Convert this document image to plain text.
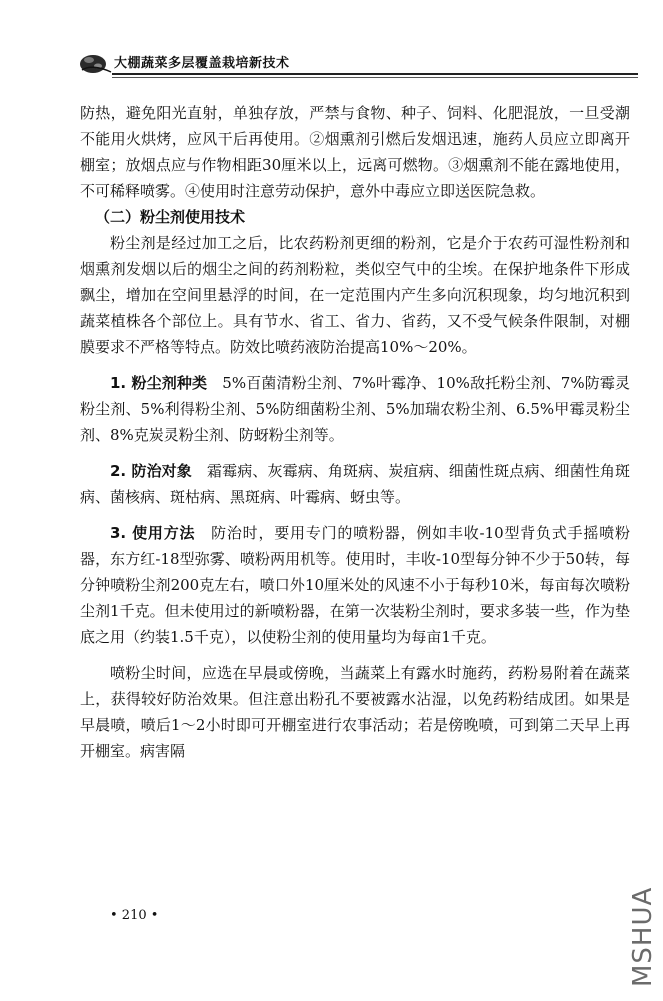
大棚蔬菜多层覆盖栽培新技术

防热，避免阳光直射，单独存放，严禁与食物、种子、饲料、化肥混放，一旦受潮不能用火烘烤，应风干后再使用。②烟熏剂引燃后发烟迅速，施药人员应立即离开棚室；放烟点应与作物相距30厘米以上，远离可燃物。③烟熏剂不能在露地使用，不可稀释喷雾。④使用时注意劳动保护，意外中毒应立即送医院急救。

（二）粉尘剂使用技术

粉尘剂是经过加工之后，比农药粉剂更细的粉剂，它是介于农药可湿性粉剂和烟熏剂发烟以后的烟尘之间的药剂粉粒，类似空气中的尘埃。在保护地条件下形成飘尘，增加在空间里悬浮的时间，在一定范围内产生多向沉积现象，均匀地沉积到蔬菜植株各个部位上。具有节水、省工、省力、省药，又不受气候条件限制，对棚膜要求不严格等特点。防效比喷药液防治提高10%～20%。

1. 粉尘剂种类　 5%百菌清粉尘剂、7%叶霉净、10%敌托粉尘剂、7%防霉灵粉尘剂、5%利得粉尘剂、5%防细菌粉尘剂、5%加瑞农粉尘剂、6.5%甲霉灵粉尘剂、8%克炭灵粉尘剂、防蚜粉尘剂等。

2. 防治对象　 霜霉病、灰霉病、角斑病、炭疽病、细菌性斑点病、细菌性角斑病、菌核病、斑枯病、黑斑病、叶霉病、蚜虫等。

3. 使用方法　 防治时，要用专门的喷粉器，例如丰收-10型背负式手摇喷粉器，东方红-18型弥雾、喷粉两用机等。使用时，丰收-10型每分钟不少于50转，每分钟喷粉尘剂200克左右，喷口外10厘米处的风速不小于每秒10米，每亩每次喷粉尘剂1千克。但未使用过的新喷粉器，在第一次装粉尘剂时，要求多装一些，作为垫底之用（约装1.5千克），以使粉尘剂的使用量均为每亩1千克。

喷粉尘时间，应选在早晨或傍晚，当蔬菜上有露水时施药，药粉易附着在蔬菜上，获得较好防治效果。但注意出粉孔不要被露水沾湿，以免药粉结成团。如果是早晨喷，喷后1～2小时即可开棚室进行农事活动；若是傍晚喷，可到第二天早上再开棚室。病害隔

• 210 •	MSHUA
